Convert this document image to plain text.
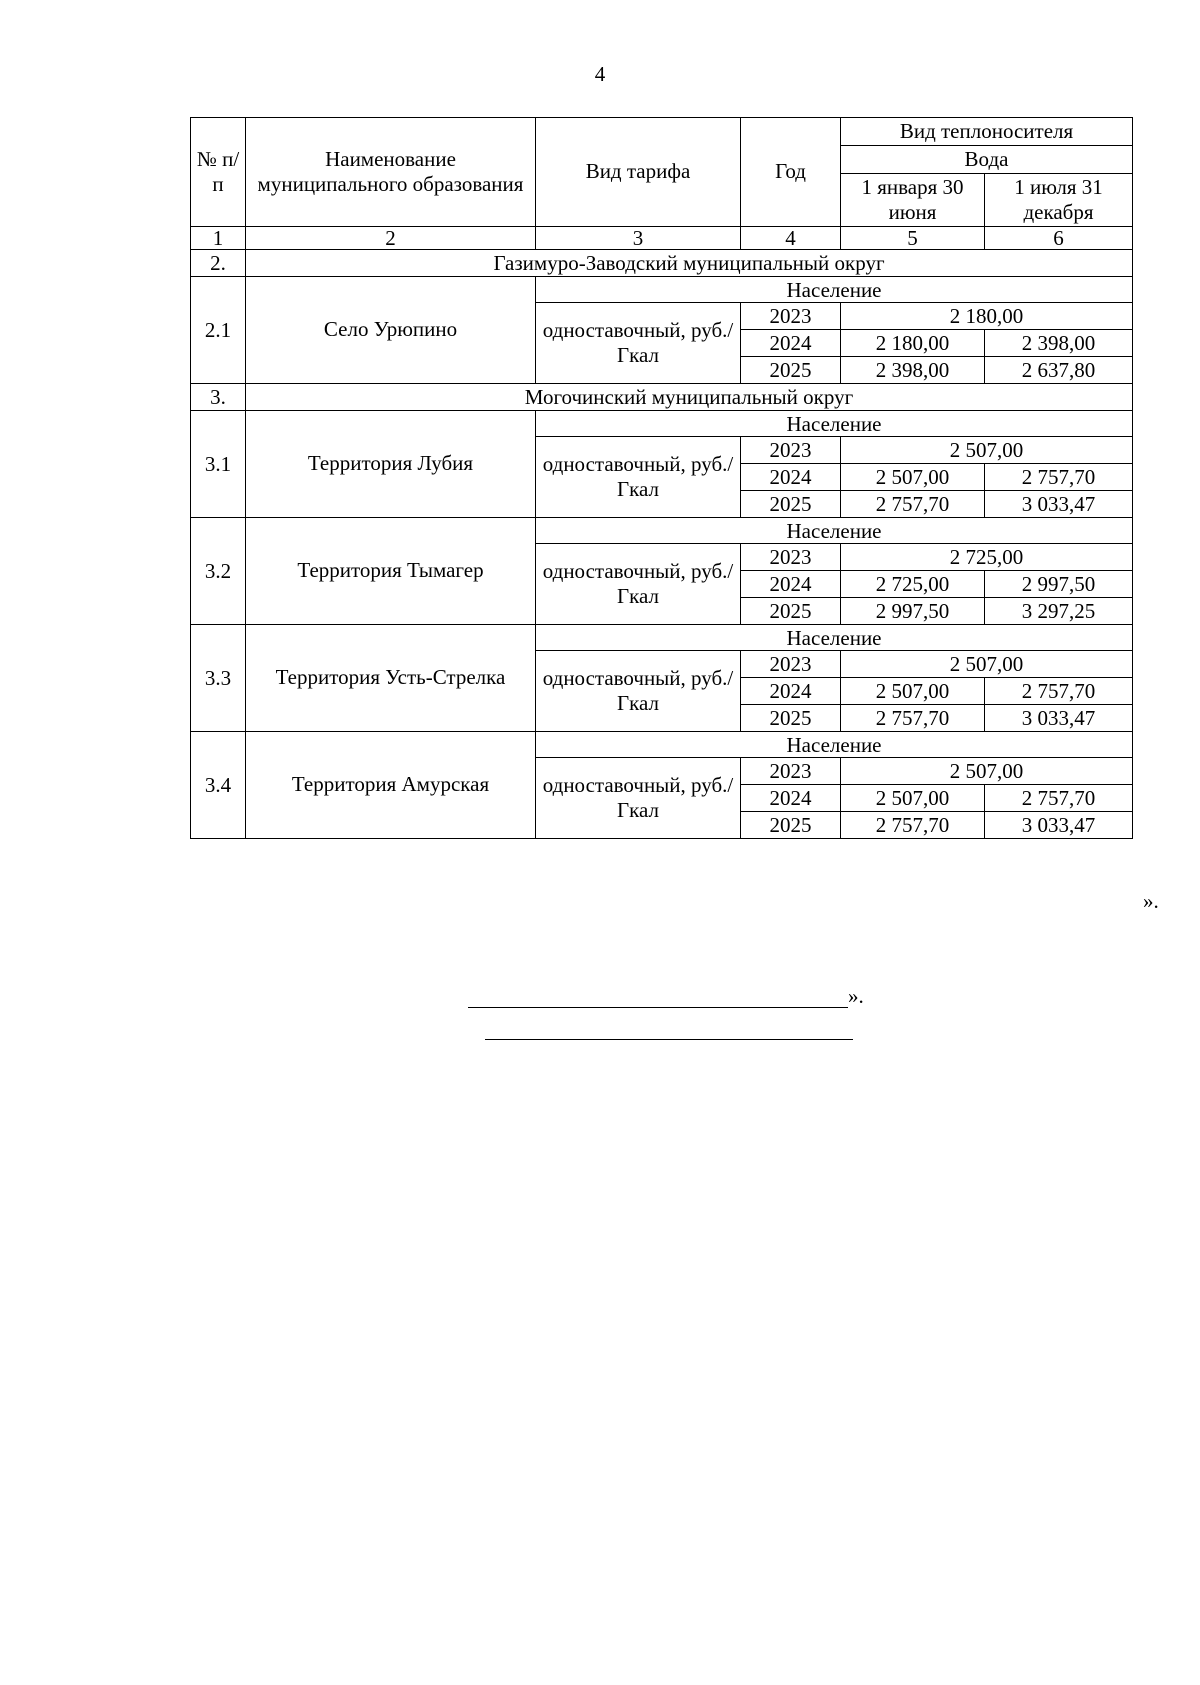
4
№ п/п	Наименование муниципального образования	Вид тарифа	Год	Вид теплоносителя	
				Вода	
				1 января 30 июня	1 июля 31 декабря
1	2	3	4	5	6
2.	Газимуро-Заводский муниципальный округ				
2.1	Село Урюпино	Население			
		одноставочный, руб./Гкал	2023	2 180,00	
			2024	2 180,00	2 398,00
			2025	2 398,00	2 637,80
3.	Могочинский муниципальный округ				
3.1	Территория Лубия	Население			
		одноставочный, руб./Гкал	2023	2 507,00	
			2024	2 507,00	2 757,70
			2025	2 757,70	3 033,47
3.2	Территория Тымагер	Население			
		одноставочный, руб./Гкал	2023	2 725,00	
			2024	2 725,00	2 997,50
			2025	2 997,50	3 297,25
3.3	Территория Усть-Стрелка	Население			
		одноставочный, руб./Гкал	2023	2 507,00	
			2024	2 507,00	2 757,70
			2025	2 757,70	3 033,47
3.4	Территория Амурская	Население			
		одноставочный, руб./Гкал	2023	2 507,00	
			2024	2 507,00	2 757,70
			2025	2 757,70	3 033,47
».
».
